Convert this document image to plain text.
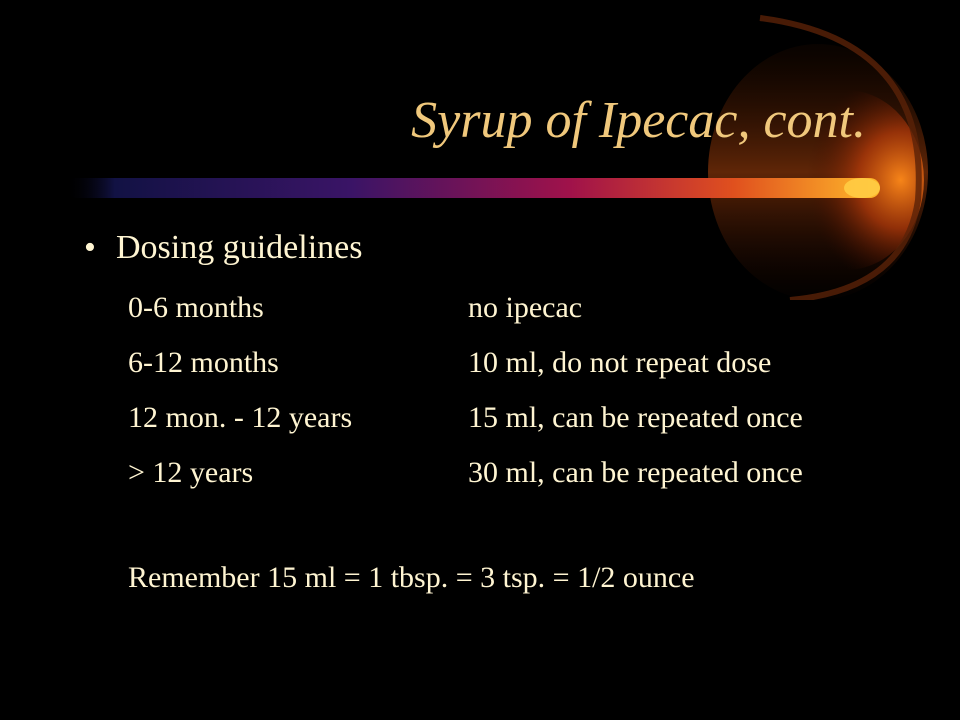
Syrup of Ipecac, cont.
• Dosing guidelines
0-6 months	no ipecac
6-12 months	10 ml, do not repeat dose
12 mon. - 12 years	15 ml, can be repeated once
> 12 years	30 ml, can be repeated once
Remember 15 ml = 1 tbsp. = 3 tsp. = 1/2 ounce
